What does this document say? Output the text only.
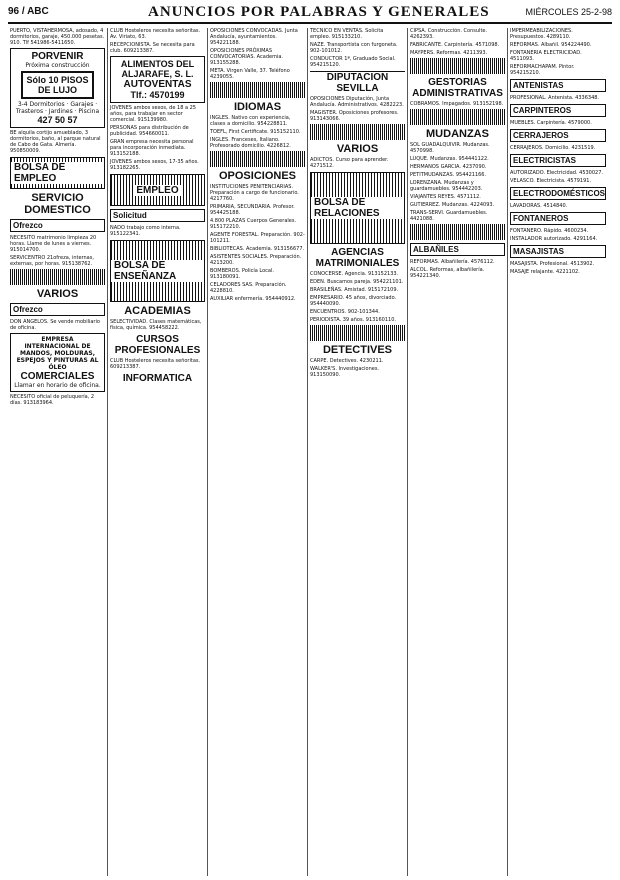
96 / ABC	ANUNCIOS POR PALABRAS Y GENERALES	MIÉRCOLES 25-2-98
PUERTO, VISTAHERMOSA, adosado, 4 dormitorios, garaje, 450.000 pesetas. 910. Tlf 541986-5411650.
PORVENIR
Próxima construcción
Sólo 10 PISOS DE LUJO
3-4 Dormitorios · Garajes · Trasteros · Jardines · Piscina
427 50 57
BE alquila cortijo amueblado, 3 dormitorios, baño, al parque natural de Cabo de Gata. Almería. 950850009.
BOLSA DE EMPLEO
SERVICIO DOMESTICO
Ofrezco
NECESITO matrimonio limpieza 20 horas. Llame de lunes a viernes. 915014700.
SERVICENTRO 21ofreza, internas, externas, por horas. 915138762.
VARIOS
Ofrezco
DON ANGELOS. Se vende mobiliario de oficina.
EMPRESA INTERNACIONAL DE MANDOS, MOLDURAS, ESPEJOS Y PINTURAS AL ÓLEO
COMERCIALES
Llamar en horario de oficina.
NECESITO oficial de peluquería, 2 días. 913183964.
CLUB Hosteleros necesita señoritas. Av. Viriato, 63.
RECEPCIONISTA. Se necesita para club. 609213387.
ALIMENTOS DEL ALJARAFE, S. L.
AUTOVENTAS
Tlf.: 4570199
JOVENES ambos sexos, de 18 a 25 años, para trabajar en sector comercial. 915139980.
PERSONAS para distribución de publicidad. 954660011.
GRAN empresa necesita personal para incorporación inmediata. 913152188.
JOVENES ambos sexos, 17-35 años. 913182265.
EMPLEO
Solicitud
NADO trabajo como interna. 915122341.
BOLSA DE ENSEÑANZA
ACADEMIAS
SELECTIVIDAD. Clases matemáticas, física, química. 954458222.
CURSOS PROFESIONALES
CLUB Hosteleros necesita señoritas. 609213387.
INFORMATICA
OPOSICIONES CONVOCADAS. Junta Andalucía, ayuntamientos. 954221188.
OPOSICIONES PRÓXIMAS CONVOCATORIAS. Academia. 913155288.
META. Virgen Valle, 37. Teléfono 4239055.
IDIOMAS
INGLES. Nativo con experiencia, clases a domicilio. 954228811.
TOEFL, First Certificate. 915152110.
INGLES. Franceses, Italiano. Profesorado domicilio. 4226812.
OPOSICIONES
INSTITUCIONES PENITENCIARIAS. Preparación a cargo de funcionario. 4217760.
PRIMARIA, SECUNDARIA. Profesor. 954425188.
4.800 PLAZAS Cuerpos Generales. 915172210.
AGENTE FORESTAL. Preparación. 902-101211.
BIBLIOTECAS. Academia. 913156677.
ASISTENTES SOCIALES. Preparación. 4213200.
BOMBEROS. Policía Local. 913180091.
CELADORES SAS. Preparación. 4228810.
AUXILIAR enfermería. 954440912.
TECNICO EN VENTAS. Solicita empleo. 915133210.
NAZE. Transportista con furgoneta. 902-101012.
CONDUCTOR 1ª, Graduado Social. 954215120.
DIPUTACION SEVILLA
OPOSICIONES Diputación, Junta Andalucía. Administrativos. 4282223.
MAGISTER. Oposiciones profesores. 913143066.
VARIOS
ADICTOS. Curso para aprender. 4271512.
BOLSA DE RELACIONES
AGENCIAS MATRIMONIALES
CONOCERSE. Agencia. 913152133.
EDEN. Buscamos pareja. 954221101.
BRASILEÑAS. Amistad. 915172109.
EMPRESARIO. 45 años, divorciado. 954440090.
ENCUENTROS. 902-101344.
PERIODISTA. 39 años. 913160110.
DETECTIVES
CARPE. Detectives. 4230211.
WALKER'S. Investigaciones. 913150090.
CIPSA. Construcción. Consulte. 4262393.
FABRICANTE. Carpintería. 4571098.
MAYPERS. Reformas. 4211393.
GESTORIAS ADMINISTRATIVAS
COBRAMOS. Impagados. 913152198.
MUDANZAS
SOL GUADALQUIVIR. Mudanzas. 4570998.
LUQUE. Mudanzas. 954441122.
HERMANOS GARCIA. 4237090.
PETITMUDANZAS. 954421166.
LORENZANA. Mudanzas y guardamuebles. 954442203.
VIAJANTES REYES. 4571112.
GUTIERREZ. Mudanzas. 4224093.
TRANS-SERVI. Guardamuebles. 4421088.
ALBAÑILES
REFORMAS. Albañilería. 4576112.
ALCOL. Reformas, albañilería. 954221340.
IMPERMEABILIZACIONES. Presupuestos. 4289110.
REFORMAS. Albañil. 954224490.
FONTANERIA ELECTRICIDAD. 4511093.
REFORMACHAPAM. Pintor. 954215210.
ANTENISTAS
PROFESIONAL. Antenista. 4336348.
CARPINTEROS
MUEBLES. Carpintería. 4579000.
CERRAJEROS
CERRAJEROS. Domicilio. 4231519.
ELECTRICISTAS
AUTORIZADO. Electricidad. 4530027.
VELASCO. Electricista. 4579191.
ELECTRODOMÉSTICOS
LAVADORAS. 4514840.
FONTANEROS
FONTANERO. Rápido. 4600234.
INSTALADOR autorizado. 4291164.
MASAJISTAS
MASAJISTA. Profesional. 4513902.
MASAJE relajante. 4221102.
